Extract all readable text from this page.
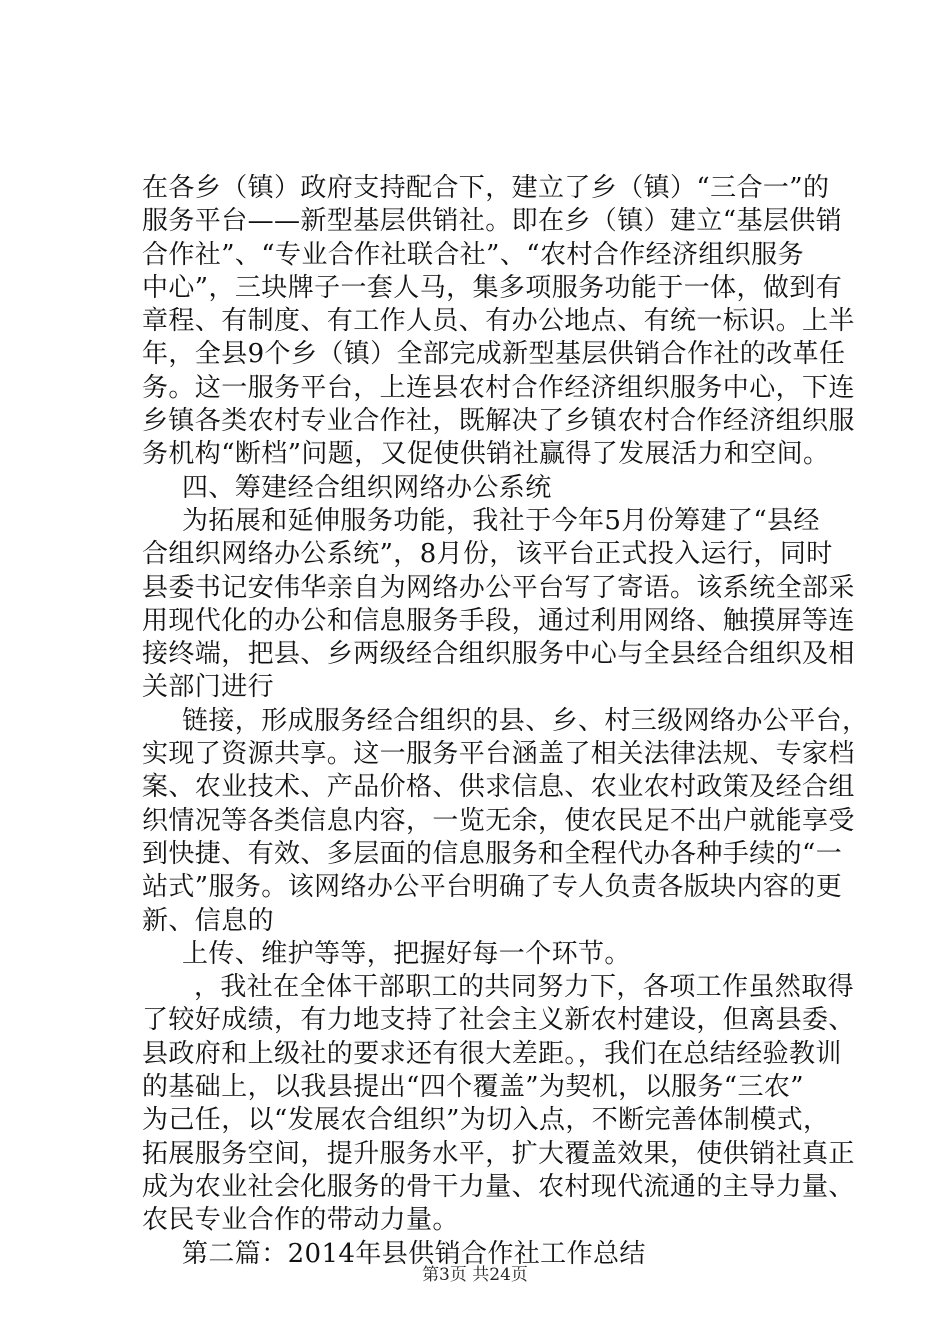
在各乡（镇）政府支持配合下，建立了乡（镇）“三合一”的
服务平台——新型基层供销社。即在乡（镇）建立“基层供销
合作社”、“专业合作社联合社”、“农村合作经济组织服务
中心”，三块牌子一套人马，集多项服务功能于一体，做到有
章程、有制度、有工作人员、有办公地点、有统一标识。上半
年，全县9个乡（镇）全部完成新型基层供销合作社的改革任
务。这一服务平台，上连县农村合作经济组织服务中心，下连
乡镇各类农村专业合作社，既解决了乡镇农村合作经济组织服
务机构“断档”问题，又促使供销社赢得了发展活力和空间。
四、筹建经合组织网络办公系统
为拓展和延伸服务功能，我社于今年5月份筹建了“县经
合组织网络办公系统”，8月份，该平台正式投入运行，同时
县委书记安伟华亲自为网络办公平台写了寄语。该系统全部采
用现代化的办公和信息服务手段，通过利用网络、触摸屏等连
接终端，把县、乡两级经合组织服务中心与全县经合组织及相
关部门进行
链接，形成服务经合组织的县、乡、村三级网络办公平台，
实现了资源共享。这一服务平台涵盖了相关法律法规、专家档
案、农业技术、产品价格、供求信息、农业农村政策及经合组
织情况等各类信息内容，一览无余，使农民足不出户就能享受
到快捷、有效、多层面的信息服务和全程代办各种手续的“一
站式”服务。该网络办公平台明确了专人负责各版块内容的更
新、信息的
上传、维护等等，把握好每一个环节。
，我社在全体干部职工的共同努力下，各项工作虽然取得
了较好成绩，有力地支持了社会主义新农村建设，但离县委、
县政府和上级社的要求还有很大差距。，我们在总结经验教训
的基础上，以我县提出“四个覆盖”为契机，以服务“三农”
为己任，以“发展农合组织”为切入点，不断完善体制模式，
拓展服务空间，提升服务水平，扩大覆盖效果，使供销社真正
成为农业社会化服务的骨干力量、农村现代流通的主导力量、
农民专业合作的带动力量。
第二篇：2014年县供销合作社工作总结
第3页 共24页
